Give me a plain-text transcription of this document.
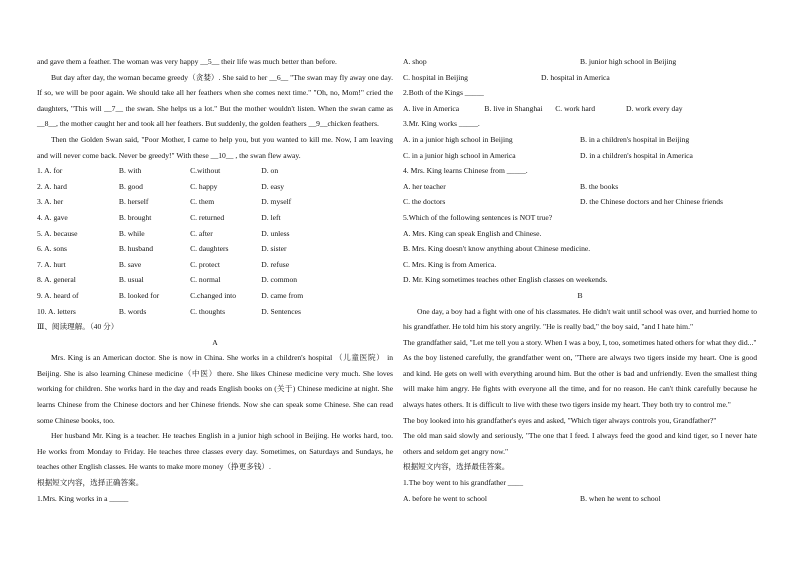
and gave them a feather. The woman was very happy __5__ their life was much better than before.

But day after day, the woman became greedy（贪婪）. She said to her __6__ "The swan may fly away one day. If so, we will be poor again. We should take all her feathers when she comes next time." "Oh, no, Mom!" cried the daughters, "This will __7__ the swan. She helps us a lot." But the mother wouldn't listen. When the swan came as __8__, the mother caught her and took all her feathers. But suddenly, the golden feathers __9__chicken feathers.

Then the Golden Swan said, "Poor Mother, I came to help you, but you wanted to kill me. Now, I am leaving and will never come back. Never be greedy!" With these __10__ , the swan flew away.

1. A. for	B. with	C.without	D. on
2. A. hard	B. good	C. happy	D. easy
3. A. her	B. herself	C. them	D. myself
4. A. gave	B. brought	C. returned	D. left
5. A. because	B. while	C. after	D. unless
6. A. sons	B. husband	C. daughters	D. sister
7. A. hurt	B. save	C. protect	D. refuse
8. A. general	B. usual	C. normal	D. common
9. A. heard of	B. looked for	C.changed into	D. came from
10. A. letters	B. words	C. thoughts	D. Sentences

Ⅲ、阅读理解。（40 分）

A

Mrs. King is an American doctor. She is now in China. She works in a children's hospital （儿童医院） in Beijing. She is also learning Chinese medicine（中医）there. She likes Chinese medicine very much. She loves working for children. She works hard in the day and reads English books on (关于) Chinese medicine at night. She learns Chinese from the Chinese doctors and her Chinese friends. Now she can speak some Chinese. She can read some Chinese books, too.

Her husband Mr. King is a teacher. He teaches English in a junior high school in Beijing. He works hard, too. He works from Monday to Friday. He teaches three classes every day. Sometimes, on Saturdays and Sundays, he teaches other English classes. He wants to make more money（挣更多钱）.

根据短文内容，选择正确答案。

1.Mrs. King works in a _____

A. shop	B. junior high school in Beijing
C. hospital in Beijing	D. hospital in America

2.Both of the Kings _____

A. live in America	B. live in Shanghai	C. work hard	D. work every day

3.Mr. King works _____.

A. in a junior high school in Beijing	B. in a children's hospital in Beijing
C. in a junior high school in America	D. in a children's hospital in America

4. Mrs. King learns Chinese from _____.

A. her teacher	B. the books
C. the doctors	D. the Chinese doctors and her Chinese friends

5.Which of the following sentences is NOT true?

A. Mrs. King can speak English and Chinese.

B. Mrs. King doesn't know anything about Chinese medicine.

C. Mrs. King is from America.

D. Mr. King sometimes teaches other English classes on weekends.

B

One day, a boy had a fight with one of his classmates. He didn't wait until school was over, and hurried home to his grandfather. He told him his story angrily. "He is really bad," the boy said, "and I hate him."

The grandfather said, "Let me tell you a story. When I was a boy, I, too, sometimes hated others for what they did..."

As the boy listened carefully, the grandfather went on, "There are always two tigers inside my heart. One is good and kind. He gets on well with everything around him. But the other is bad and unfriendly. Even the smallest thing will make him angry. He fights with everyone all the time, and for no reason. He can't think carefully because he always hates others. It is difficult to live with these two tigers inside my heart. They both try to control me."

The boy looked into his grandfather's eyes and asked, "Which tiger always controls you, Grandfather?"

The old man said slowly and seriously, "The one that I feed. I always feed the good and kind tiger, so I never hate others and seldom get angry now."

根据短文内容，选择最佳答案。

1.The boy went to his grandfather ____

A. before he went to school	B. when he went to school
